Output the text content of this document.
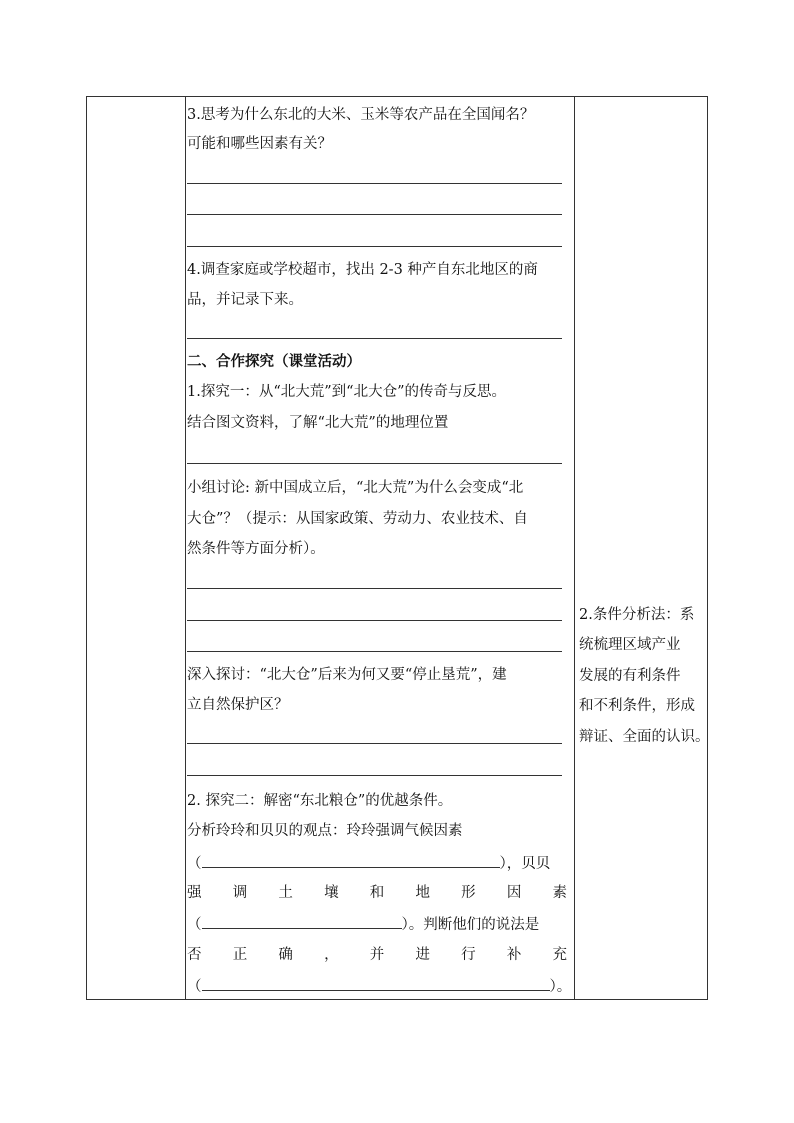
3.思考为什么东北的大米、玉米等农产品在全国闻名？
可能和哪些因素有关？
4.调查家庭或学校超市，找出 2-3 种产自东北地区的商
品，并记录下来。
二、合作探究（课堂活动）
1.探究一：从“北大荒”到“北大仓”的传奇与反思。
结合图文资料，了解“北大荒”的地理位置
小组讨论: 新中国成立后，“北大荒”为什么会变成“北
大仓”？（提示：从国家政策、劳动力、农业技术、自
然条件等方面分析）。
深入探讨：“北大仓”后来为何又要“停止垦荒”，建
立自然保护区？
2. 探究二：解密“东北粮仓”的优越条件。
分析玲玲和贝贝的观点：玲玲强调气候因素
（	），贝贝
强 调 土 壤 和 地 形 因 素
（	）。判断他们的说法是
否 正 确 ， 并 进 行 补 充
（	）。
2.条件分析法：系
统梳理区域产业
发展的有利条件
和不利条件，形成
辩证、全面的认识。
